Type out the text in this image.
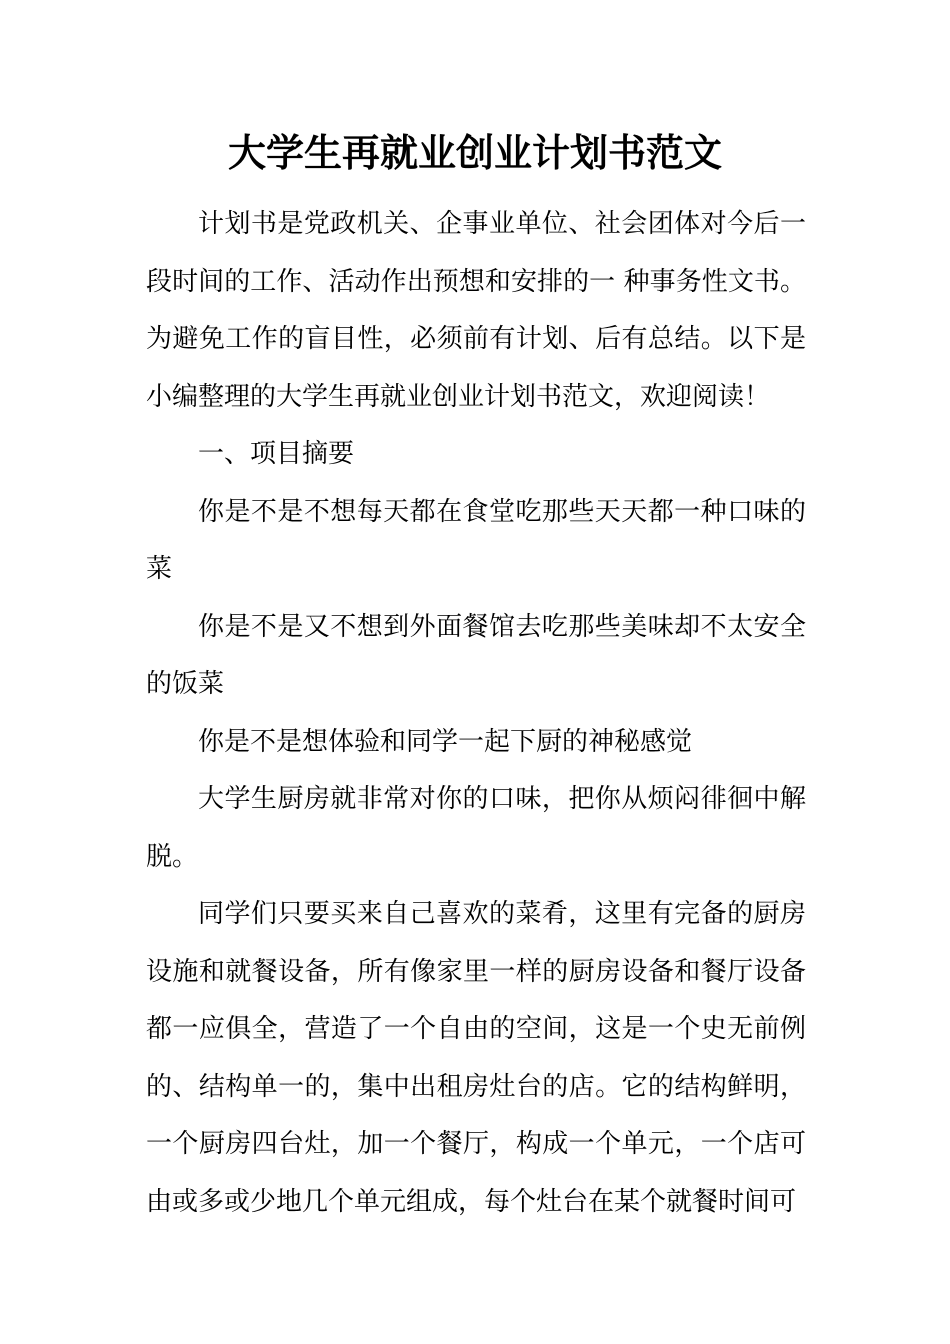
大学生再就业创业计划书范文

计划书是党政机关、企事业单位、社会团体对今后一段时间的工作、活动作出预想和安排的一 种事务性文书。为避免工作的盲目性，必须前有计划、后有总结。以下是小编整理的大学生再就业创业计划书范文，欢迎阅读！

一、项目摘要

你是不是不想每天都在食堂吃那些天天都一种口味的菜

你是不是又不想到外面餐馆去吃那些美味却不太安全的饭菜

你是不是想体验和同学一起下厨的神秘感觉

大学生厨房就非常对你的口味，把你从烦闷徘徊中解脱。

同学们只要买来自己喜欢的菜肴，这里有完备的厨房设施和就餐设备，所有像家里一样的厨房设备和餐厅设备都一应俱全，营造了一个自由的空间，这是一个史无前例的、结构单一的，集中出租房灶台的店。它的结构鲜明，一个厨房四台灶，加一个餐厅，构成一个单元，一个店可由或多或少地几个单元组成，每个灶台在某个就餐时间可
